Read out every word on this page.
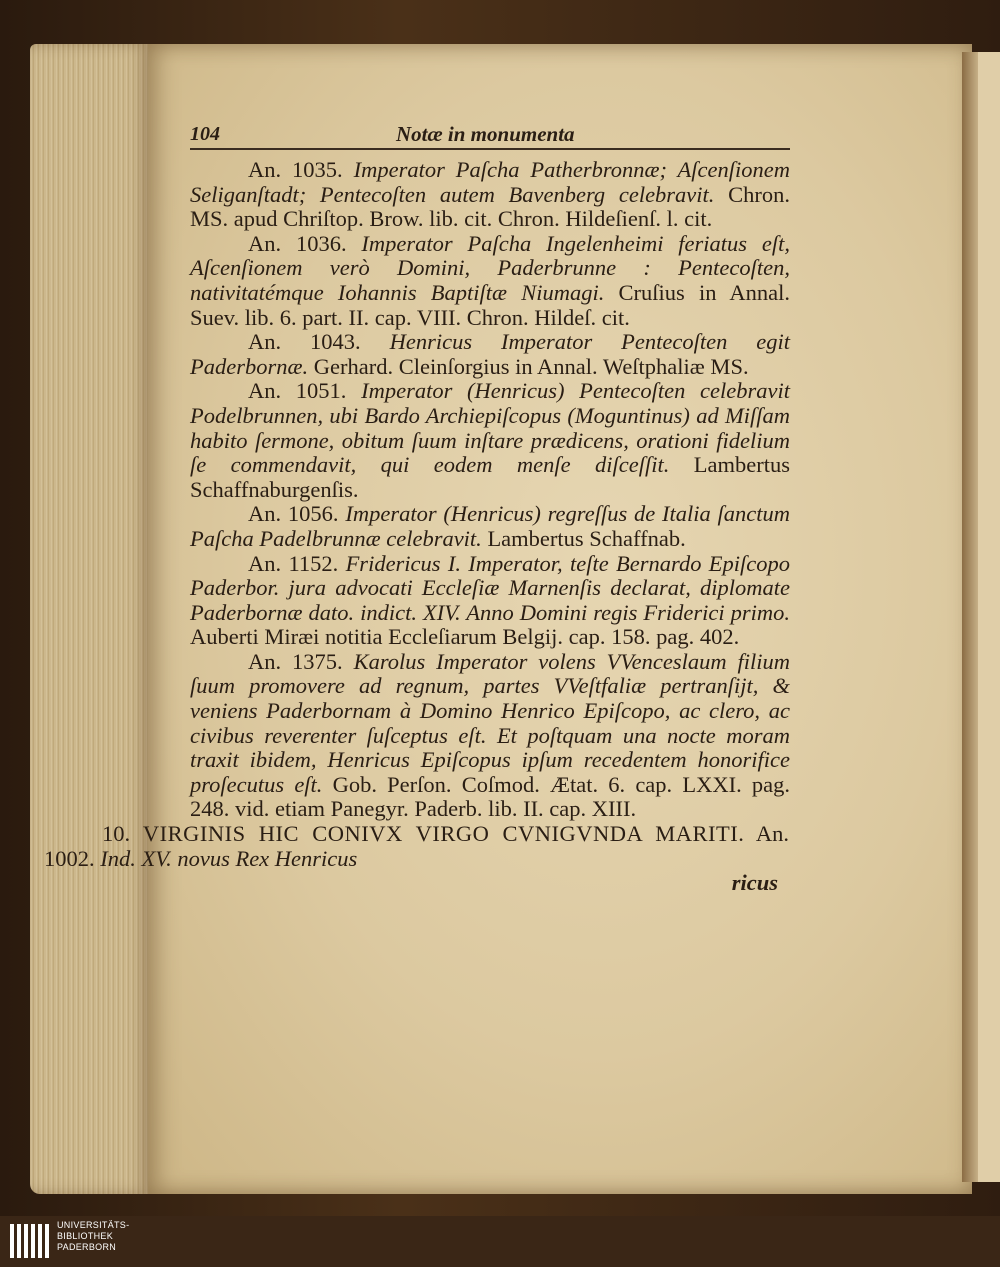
104	Notæ in monumenta

An. 1035. Imperator Paſcha Patherbronnæ; Aſcenſionem Seliganſtadt; Pentecoſten autem Bavenberg celebravit. Chron. MS. apud Chriſtop. Brow. lib. cit. Chron. Hildeſienſ. l. cit.

An. 1036. Imperator Paſcha Ingelenheimi feriatus eſt, Aſcenſionem verò Domini, Paderbrunne : Pentecoſten, nativitatémque Iohannis Baptiſtæ Niumagi. Cruſius in Annal. Suev. lib. 6. part. II. cap. VIII. Chron. Hildeſ. cit.

An. 1043. Henricus Imperator Pentecoſten egit Paderbornæ. Gerhard. Cleinſorgius in Annal. Weſtphaliæ MS.

An. 1051. Imperator (Henricus) Pentecoſten celebravit Podelbrunnen, ubi Bardo Archiepiſcopus (Moguntinus) ad Miſſam habito ſermone, obitum ſuum inſtare prædicens, orationi fidelium ſe commendavit, qui eodem menſe diſceſſit. Lambertus Schaffnaburgenſis.

An. 1056. Imperator (Henricus) regreſſus de Italia ſanctum Paſcha Padelbrunnæ celebravit. Lambertus Schaffnab.

An. 1152. Fridericus I. Imperator, teſte Bernardo Epiſcopo Paderbor. jura advocati Eccleſiæ Marnenſis declarat, diplomate Paderbornæ dato. indict. XIV. Anno Domini regis Friderici primo. Auberti Miræi notitia Eccleſiarum Belgij. cap. 158. pag. 402.

An. 1375. Karolus Imperator volens VVenceslaum filium ſuum promovere ad regnum, partes VVeſtfaliæ pertranſijt, & veniens Paderbornam à Domino Henrico Epiſcopo, ac clero, ac civibus reverenter ſuſceptus eſt. Et poſtquam una nocte moram traxit ibidem, Henricus Epiſcopus ipſum recedentem honorifice proſecutus eſt. Gob. Perſon. Coſmod. Ætat. 6. cap. LXXI. pag. 248. vid. etiam Panegyr. Paderb. lib. II. cap. XIII.

10. VIRGINIS HIC CONIVX VIRGO CVNIGVNDA MARITI. An. 1002. Ind. XV. novus Rex Henricus

ricus
UNIVERSITÄTS-
BIBLIOTHEK
PADERBORN
